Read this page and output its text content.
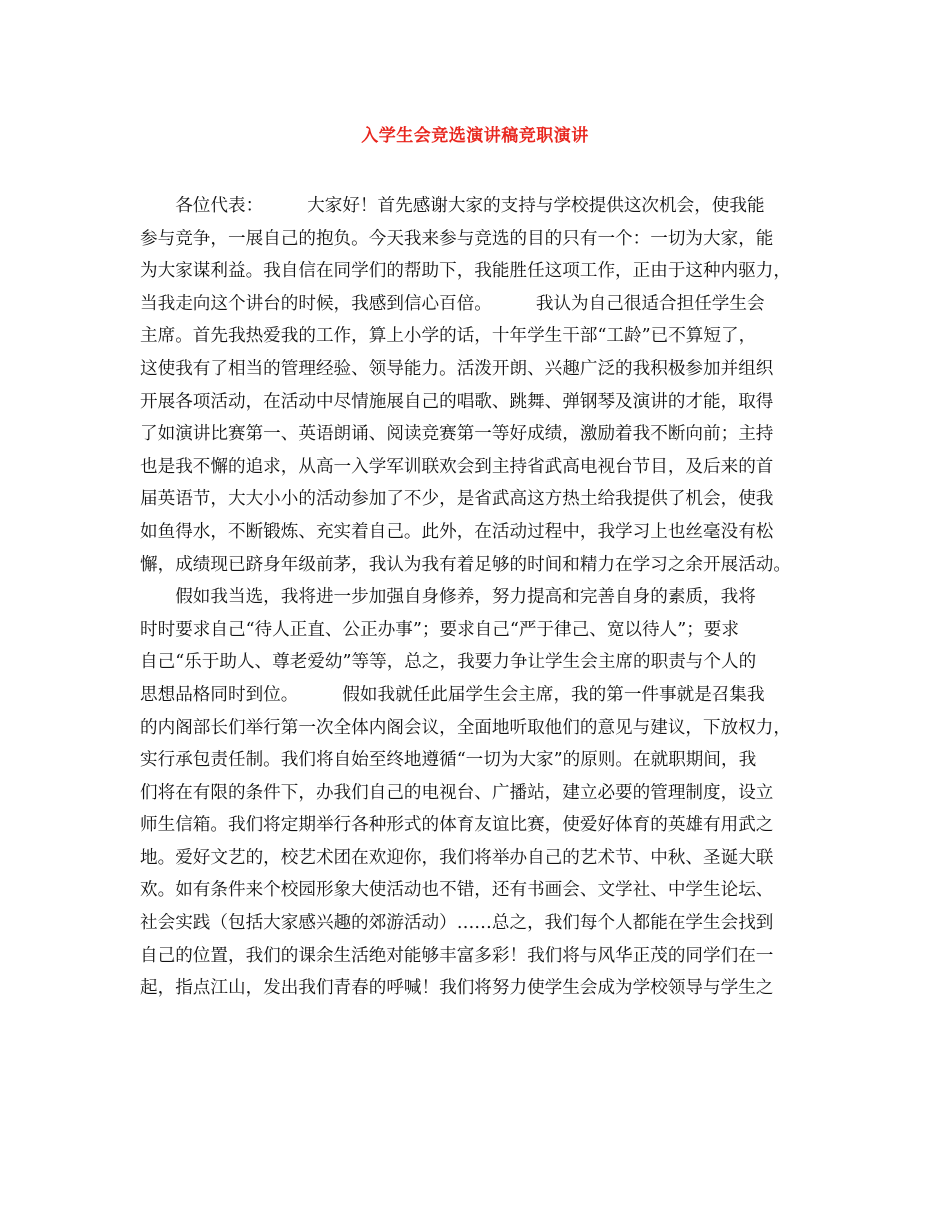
入学生会竞选演讲稿竞职演讲
　　各位代表：　　　大家好！首先感谢大家的支持与学校提供这次机会，使我能
参与竞争，一展自己的抱负。今天我来参与竞选的目的只有一个：一切为大家，能
为大家谋利益。我自信在同学们的帮助下，我能胜任这项工作，正由于这种内驱力，
当我走向这个讲台的时候，我感到信心百倍。　　　我认为自己很适合担任学生会
主席。首先我热爱我的工作，算上小学的话，十年学生干部“工龄”已不算短了，
这使我有了相当的管理经验、领导能力。活泼开朗、兴趣广泛的我积极参加并组织
开展各项活动，在活动中尽情施展自己的唱歌、跳舞、弹钢琴及演讲的才能，取得
了如演讲比赛第一、英语朗诵、阅读竞赛第一等好成绩，激励着我不断向前；主持
也是我不懈的追求，从高一入学军训联欢会到主持省武高电视台节目，及后来的首
届英语节，大大小小的活动参加了不少，是省武高这方热土给我提供了机会，使我
如鱼得水，不断锻炼、充实着自己。此外，在活动过程中，我学习上也丝毫没有松
懈，成绩现已跻身年级前茅，我认为我有着足够的时间和精力在学习之余开展活动。
　　假如我当选，我将进一步加强自身修养，努力提高和完善自身的素质，我将
时时要求自己“待人正直、公正办事”；要求自己“严于律己、宽以待人”；要求
自己“乐于助人、尊老爱幼”等等，总之，我要力争让学生会主席的职责与个人的
思想品格同时到位。　　　假如我就任此届学生会主席，我的第一件事就是召集我
的内阁部长们举行第一次全体内阁会议，全面地听取他们的意见与建议，下放权力，
实行承包责任制。我们将自始至终地遵循“一切为大家”的原则。在就职期间，我
们将在有限的条件下，办我们自己的电视台、广播站，建立必要的管理制度，设立
师生信箱。我们将定期举行各种形式的体育友谊比赛，使爱好体育的英雄有用武之
地。爱好文艺的，校艺术团在欢迎你，我们将举办自己的艺术节、中秋、圣诞大联
欢。如有条件来个校园形象大使活动也不错，还有书画会、文学社、中学生论坛、
社会实践（包括大家感兴趣的郊游活动）……总之，我们每个人都能在学生会找到
自己的位置，我们的课余生活绝对能够丰富多彩！我们将与风华正茂的同学们在一
起，指点江山，发出我们青春的呼喊！我们将努力使学生会成为学校领导与学生之
